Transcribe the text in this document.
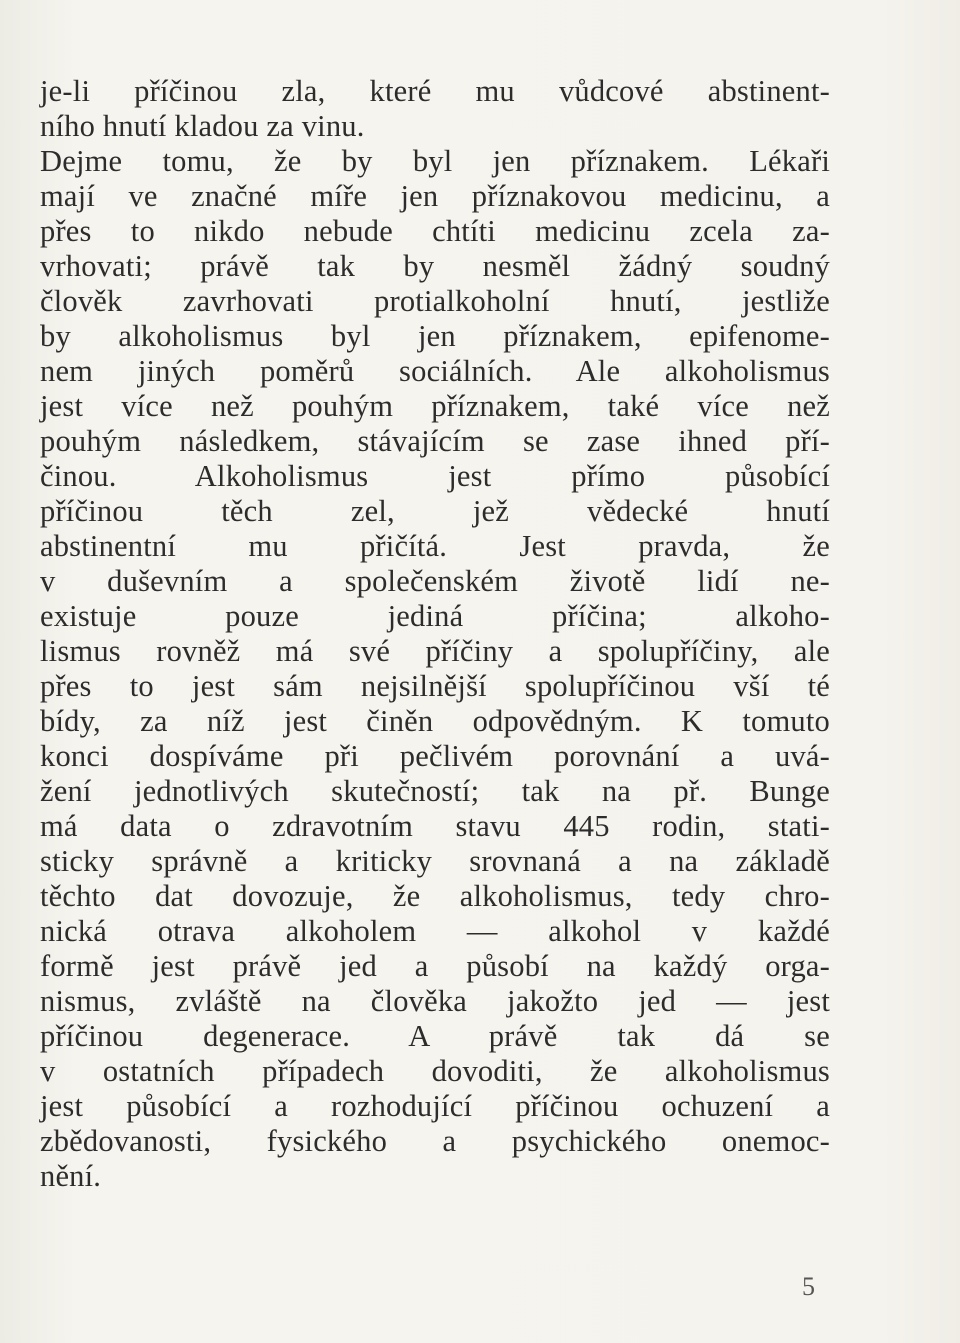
je-li příčinou zla, které mu vůdcové abstinent-
ního hnutí kladou za vinu.
Dejme tomu, že by byl jen příznakem. Lékaři
mají ve značné míře jen příznakovou medicinu, a
přes to nikdo nebude chtíti medicinu zcela za-
vrhovati; právě tak by nesměl žádný soudný
člověk zavrhovati protialkoholní hnutí, jestliže
by alkoholismus byl jen příznakem, epifenome-
nem jiných poměrů sociálních. Ale alkoholismus
jest více než pouhým příznakem, také více než
pouhým následkem, stávajícím se zase ihned pří-
činou. Alkoholismus jest přímo působící
příčinou těch zel, jež vědecké hnutí
abstinentní mu přičítá. Jest pravda, že
v duševním a společenském životě lidí ne-
existuje pouze jediná příčina; alkoho-
lismus rovněž má své příčiny a spolupříčiny, ale
přes to jest sám nejsilnější spolupříčinou vší té
bídy, za níž jest činěn odpovědným. K tomuto
konci dospíváme při pečlivém porovnání a uvá-
žení jednotlivých skutečností; tak na př. Bunge
má data o zdravotním stavu 445 rodin, stati-
sticky správně a kriticky srovnaná a na základě
těchto dat dovozuje, že alkoholismus, tedy chro-
nická otrava alkoholem — alkohol v každé
formě jest právě jed a působí na každý orga-
nismus, zvláště na člověka jakožto jed — jest
příčinou degenerace. A právě tak dá se
v ostatních případech dovoditi, že alkoholismus
jest působící a rozhodující příčinou ochuzení a
zbědovanosti, fysického a psychického onemoc-
nění.
5
